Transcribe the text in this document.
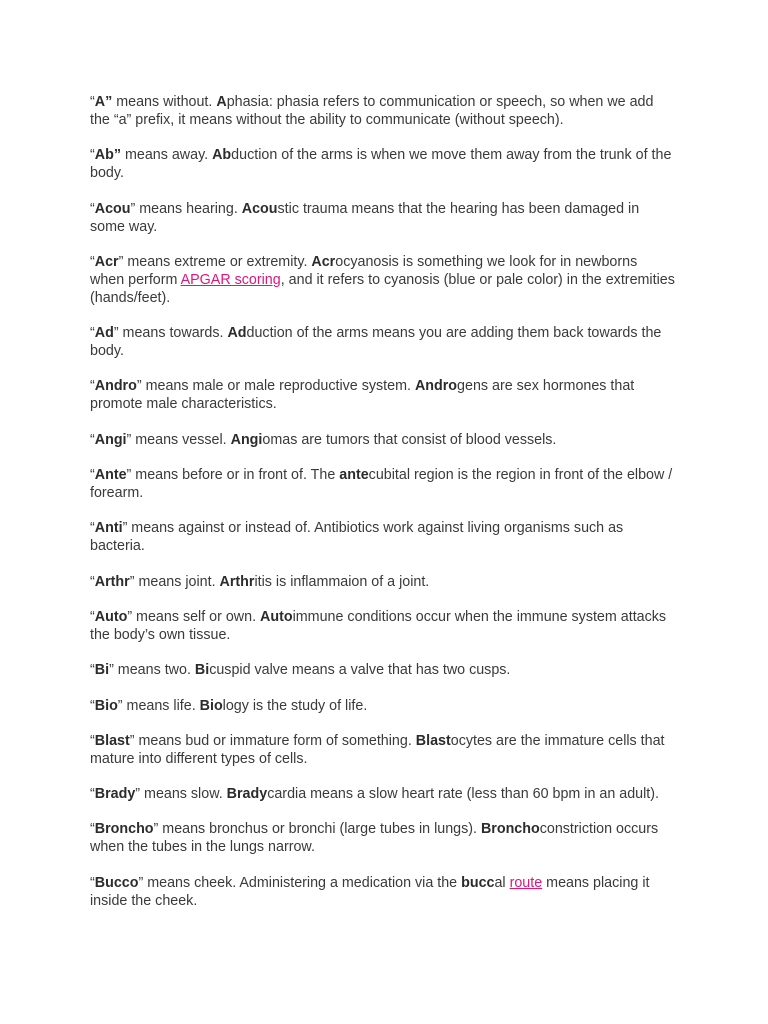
“A” means without. Aphasia: phasia refers to communication or speech, so when we add the “a” prefix, it means without the ability to communicate (without speech).

“Ab” means away. Abduction of the arms is when we move them away from the trunk of the body.

“Acou” means hearing. Acoustic trauma means that the hearing has been damaged in some way.

“Acr” means extreme or extremity. Acrocyanosis is something we look for in newborns when perform APGAR scoring, and it refers to cyanosis (blue or pale color) in the extremities (hands/feet).

“Ad” means towards. Adduction of the arms means you are adding them back towards the body.

“Andro” means male or male reproductive system. Androgens are sex hormones that promote male characteristics.

“Angi” means vessel. Angiomas are tumors that consist of blood vessels.

“Ante” means before or in front of. The antecubital region is the region in front of the elbow / forearm.

“Anti” means against or instead of. Antibiotics work against living organisms such as bacteria.

“Arthr” means joint. Arthritis is inflammaion of a joint.

“Auto” means self or own. Autoimmune conditions occur when the immune system attacks the body’s own tissue.

“Bi” means two. Bicuspid valve means a valve that has two cusps.

“Bio” means life. Biology is the study of life.

“Blast” means bud or immature form of something. Blastocytes are the immature cells that mature into different types of cells.

“Brady” means slow. Bradycardia means a slow heart rate (less than 60 bpm in an adult).

“Broncho” means bronchus or bronchi (large tubes in lungs). Bronchoconstriction occurs when the tubes in the lungs narrow.

“Bucco” means cheek. Administering a medication via the buccal route means placing it inside the cheek.
